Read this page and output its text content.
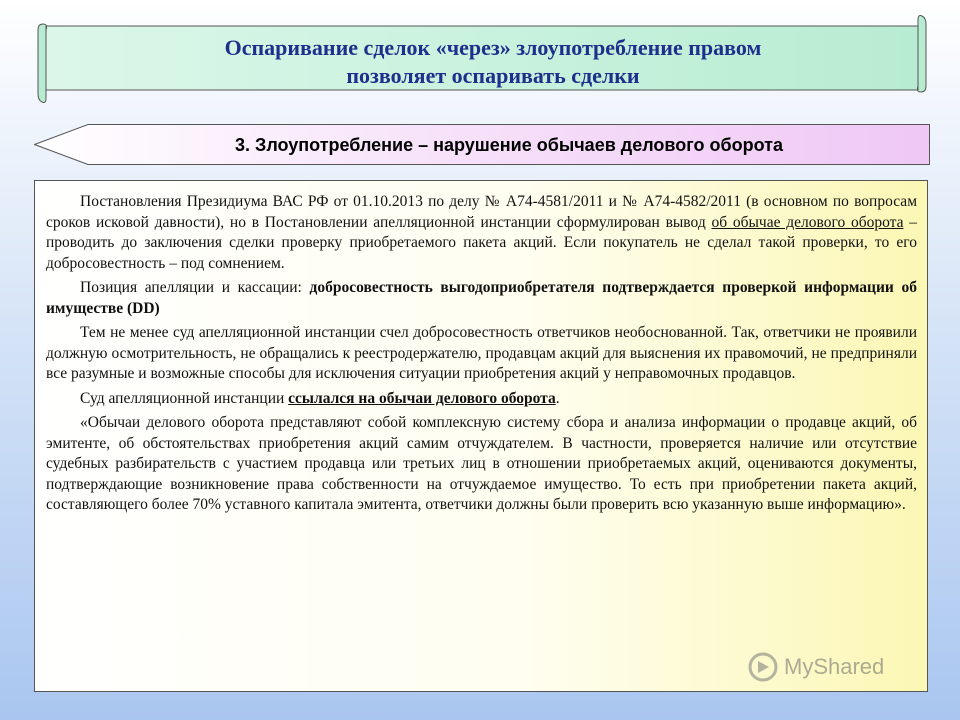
Оспаривание сделок «через» злоупотребление правом
позволяет оспаривать сделки
3. Злоупотребление – нарушение обычаев делового оборота

Постановления Президиума ВАС РФ от 01.10.2013 по делу № А74-4581/2011 и № А74-4582/2011 (в основном по вопросам сроков исковой давности), но в Постановлении апелляционной инстанции сформулирован вывод об обычае делового оборота – проводить до заключения сделки проверку приобретаемого пакета акций. Если покупатель не сделал такой проверки, то его добросовестность – под сомнением.

Позиция апелляции и кассации: добросовестность выгодоприобретателя подтверждается проверкой информации об имуществе (DD)

Тем не менее суд апелляционной инстанции счел добросовестность ответчиков необоснованной. Так, ответчики не проявили должную осмотрительность, не обращались к реестродержателю, продавцам акций для выяснения их правомочий, не предприняли все разумные и возможные способы для исключения ситуации приобретения акций у неправомочных продавцов.

Суд апелляционной инстанции ссылался на обычаи делового оборота.

«Обычаи делового оборота представляют собой комплексную систему сбора и анализа информации о продавце акций, об эмитенте, об обстоятельствах приобретения акций самим отчуждателем. В частности, проверяется наличие или отсутствие судебных разбирательств с участием продавца или третьих лиц в отношении приобретаемых акций, оцениваются документы, подтверждающие возникновение права собственности на отчуждаемое имущество. То есть при приобретении пакета акций, составляющего более 70% уставного капитала эмитента, ответчики должны были проверить всю указанную выше информацию».

MyShared
